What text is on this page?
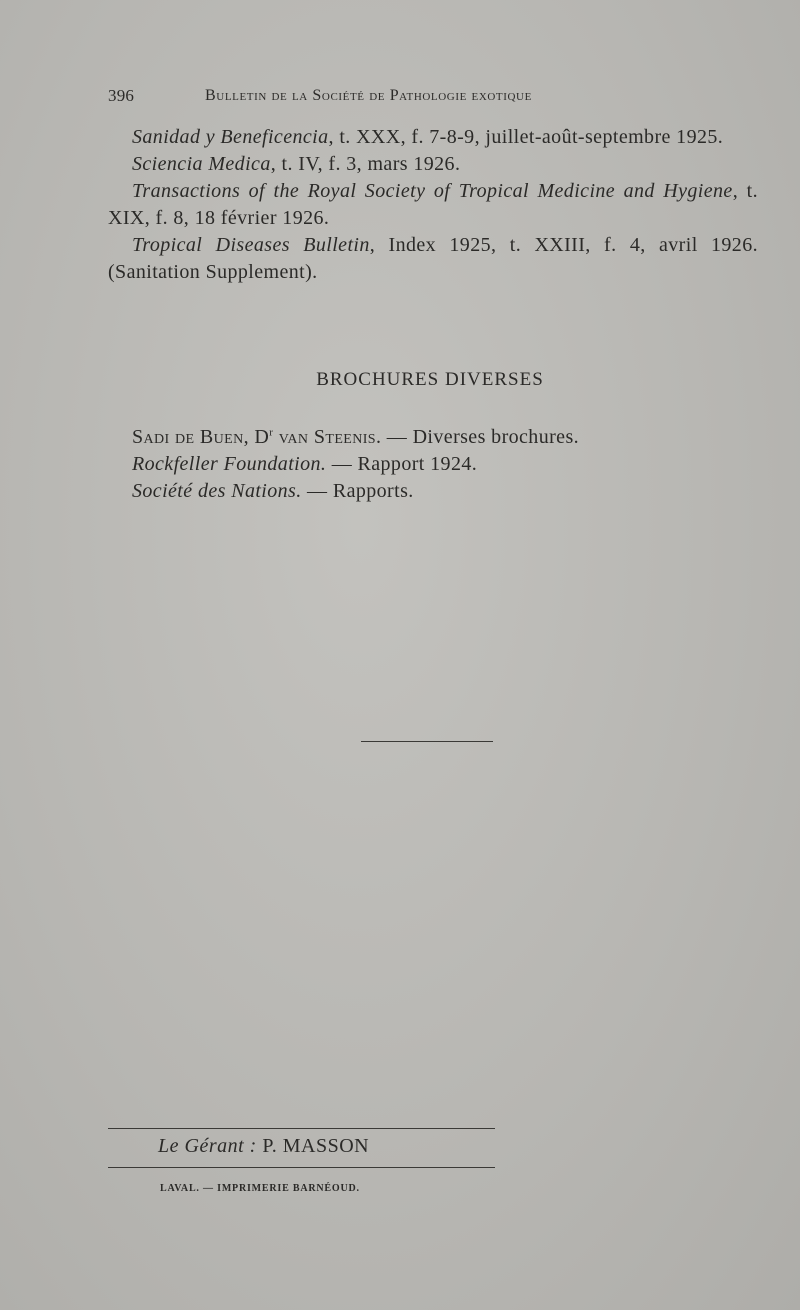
396	Bulletin de la Société de Pathologie exotique

Sanidad y Beneficencia, t. XXX, f. 7-8-9, juillet-août-septembre 1925.

Sciencia Medica, t. IV, f. 3, mars 1926.

Transactions of the Royal Society of Tropical Medicine and Hygiene, t. XIX, f. 8, 18 février 1926.

Tropical Diseases Bulletin, Index 1925, t. XXIII, f. 4, avril 1926. (Sanitation Supplement).

BROCHURES DIVERSES

Sadi de Buen, $D^r$ van Steenis. — Diverses brochures.

Rockfeller Foundation. — Rapport 1924.

Société des Nations. — Rapports.

Le Gérant : P. MASSON
LAVAL. — IMPRIMERIE BARNÉOUD.
